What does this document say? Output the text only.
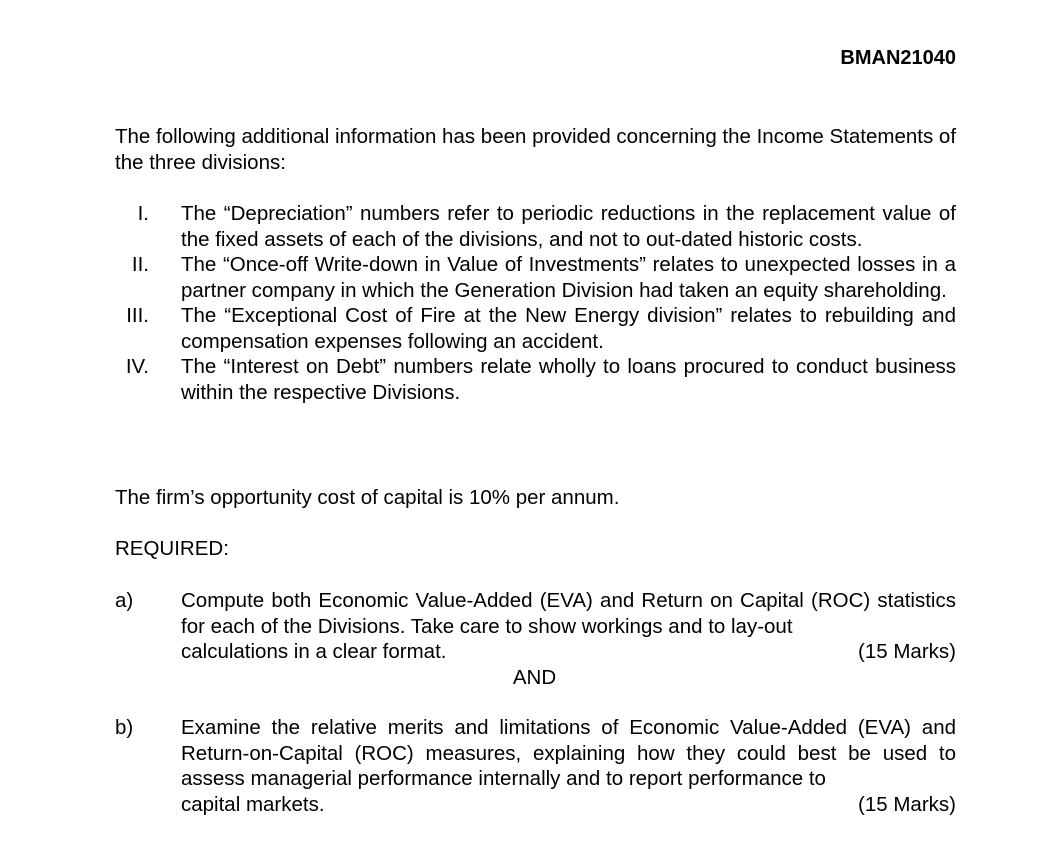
BMAN21040
The following additional information has been provided concerning the Income Statements of the three divisions:
I. The “Depreciation” numbers refer to periodic reductions in the replacement value of the fixed assets of each of the divisions, and not to out-dated historic costs.
II. The “Once-off Write-down in Value of Investments” relates to unexpected losses in a partner company in which the Generation Division had taken an equity shareholding.
III. The “Exceptional Cost of Fire at the New Energy division” relates to rebuilding and compensation expenses following an accident.
IV. The “Interest on Debt” numbers relate wholly to loans procured to conduct business within the respective Divisions.
The firm’s opportunity cost of capital is 10% per annum.
REQUIRED:
a) Compute both Economic Value-Added (EVA) and Return on Capital (ROC) statistics for each of the Divisions. Take care to show workings and to lay-out
calculations in a clear format.	(15 Marks)
AND
b) Examine the relative merits and limitations of Economic Value-Added (EVA) and Return-on-Capital (ROC) measures, explaining how they could best be used to assess managerial performance internally and to report performance to
capital markets.	(15 Marks)
